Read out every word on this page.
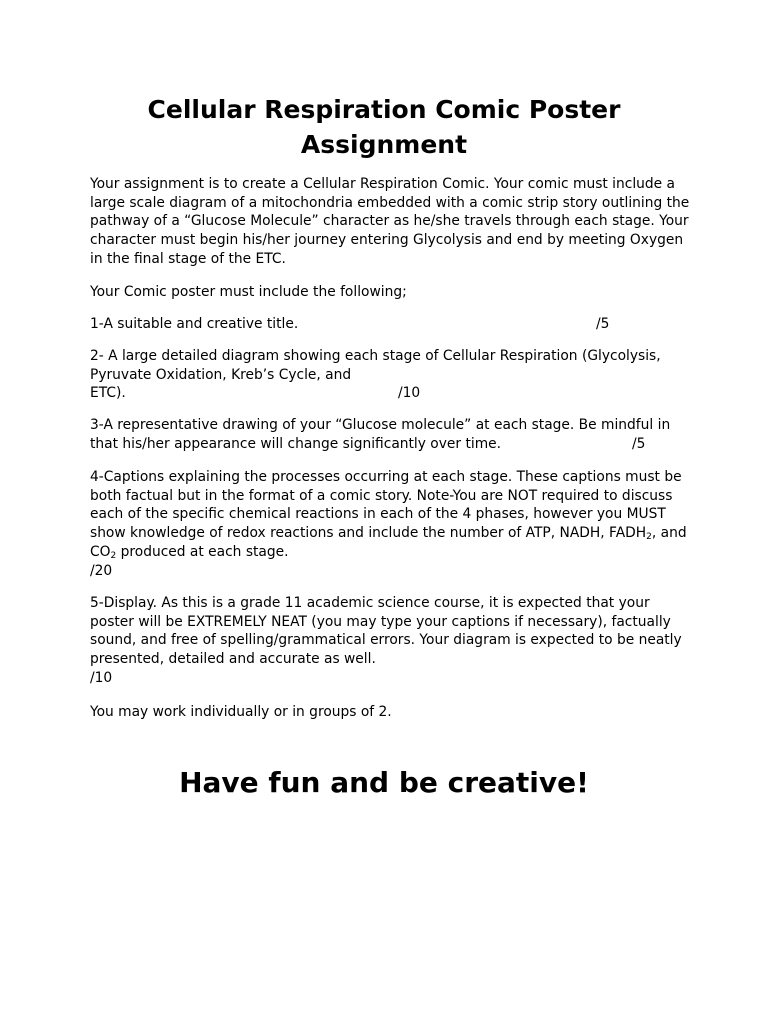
Cellular Respiration Comic Poster Assignment
Your assignment is to create a Cellular Respiration Comic. Your comic must include a large scale diagram of a mitochondria embedded with a comic strip story outlining the pathway of a “Glucose Molecule” character as he/she travels through each stage. Your character must begin his/her journey entering Glycolysis and end by meeting Oxygen in the final stage of the ETC.
Your Comic poster must include the following;
1-A suitable and creative title.	/5
2- A large detailed diagram showing each stage of Cellular Respiration (Glycolysis, Pyruvate Oxidation, Kreb’s Cycle, and
ETC).	/10
3-A representative drawing of your “Glucose molecule” at each stage. Be mindful in that his/her appearance will change significantly over time.	/5
4-Captions explaining the processes occurring at each stage. These captions must be both factual but in the format of a comic story. Note-You are NOT required to discuss each of the specific chemical reactions in each of the 4 phases, however you MUST show knowledge of redox reactions and include the number of ATP, NADH, $FADH_2$, and $CO_2$ produced at each stage.
/20
5-Display. As this is a grade 11 academic science course, it is expected that your poster will be EXTREMELY NEAT (you may type your captions if necessary), factually sound, and free of spelling/grammatical errors. Your diagram is expected to be neatly presented, detailed and accurate as well.
/10
You may work individually or in groups of 2.
Have fun and be creative!
